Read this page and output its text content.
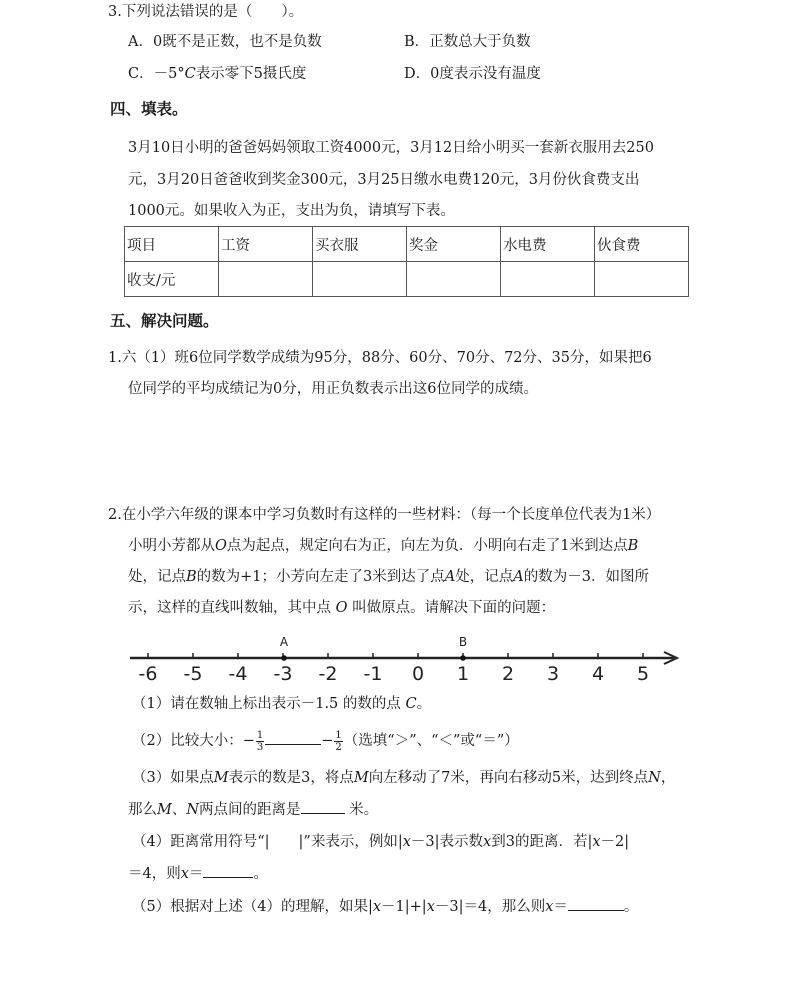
3.下列说法错误的是（　　）。
A．0既不是正数，也不是负数	B．正数总大于负数
C．－5°C表示零下5摄氏度	D．0度表示没有温度
四、填表。
3月10日小明的爸爸妈妈领取工资4000元，3月12日给小明买一套新衣服用去250
元，3月20日爸爸收到奖金300元，3月25日缴水电费120元，3月份伙食费支出
1000元。如果收入为正，支出为负，请填写下表。
项目	工资	买衣服	奖金	水电费	伙食费
收支/元					
五、解决问题。
1.六（1）班6位同学数学成绩为95分，88分、60分、70分、72分、35分，如果把6
位同学的平均成绩记为0分，用正负数表示出这6位同学的成绩。
2.在小学六年级的课本中学习负数时有这样的一些材料：（每一个长度单位代表为1米）
小明小芳都从O点为起点，规定向右为正，向左为负．小明向右走了1米到达点B
处，记点B的数为+1；小芳向左走了3米到达了点A处，记点A的数为－3．如图所
示，这样的直线叫数轴，其中点 O 叫做原点。请解决下面的问题：
-6 -5 -4 -3 -2 -1 0 1 2 3 4 5
A	B
（1）请在数轴上标出表示－1.5 的数的点 C。
（2）比较大小：− $\frac{1}{3}$	− $\frac{1}{2}$ （选填“＞”、“＜”或“＝”）
（3）如果点M表示的数是3，将点M向左移动了7米，再向右移动5米，达到终点N，
那么M、N两点间的距离是	米。
（4）距离常用符号“|　　|”来表示，例如|x－3|表示数x到3的距离．若|x－2|
＝4，则x＝	。
（5）根据对上述（4）的理解，如果|x－1|+|x－3|＝4，那么则x＝	。
